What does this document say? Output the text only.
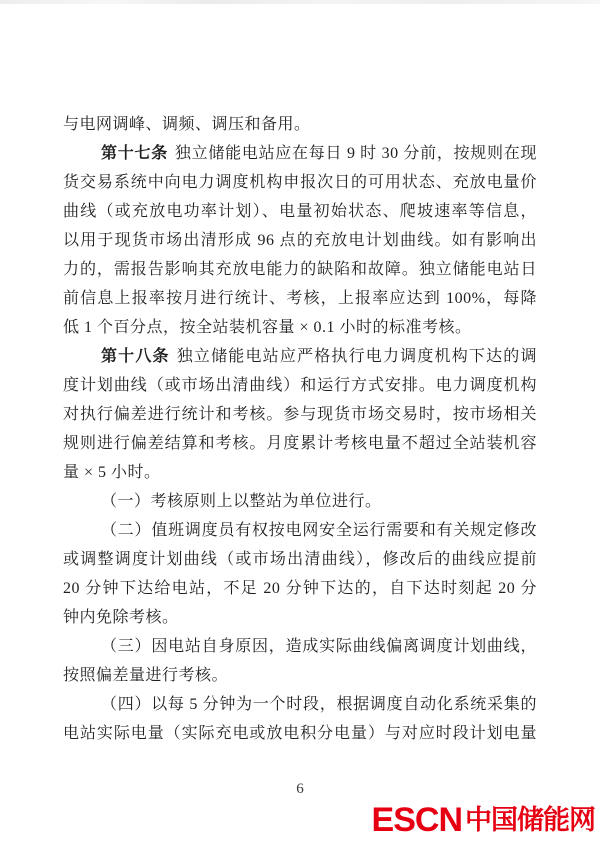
与电网调峰、调频、调压和备用。
第十七条 独立储能电站应在每日 9 时 30 分前，按规则在现
货交易系统中向电力调度机构申报次日的可用状态、充放电量价
曲线（或充放电功率计划）、电量初始状态、爬坡速率等信息，
以用于现货市场出清形成 96 点的充放电计划曲线。如有影响出
力的，需报告影响其充放电能力的缺陷和故障。独立储能电站日
前信息上报率按月进行统计、考核，上报率应达到 100%，每降
低 1 个百分点，按全站装机容量 × 0.1 小时的标准考核。
第十八条 独立储能电站应严格执行电力调度机构下达的调
度计划曲线（或市场出清曲线）和运行方式安排。电力调度机构
对执行偏差进行统计和考核。参与现货市场交易时，按市场相关
规则进行偏差结算和考核。月度累计考核电量不超过全站装机容
量 × 5 小时。
（一）考核原则上以整站为单位进行。
（二）值班调度员有权按电网安全运行需要和有关规定修改
或调整调度计划曲线（或市场出清曲线），修改后的曲线应提前
20 分钟下达给电站，不足 20 分钟下达的，自下达时刻起 20 分
钟内免除考核。
（三）因电站自身原因，造成实际曲线偏离调度计划曲线，
按照偏差量进行考核。
（四）以每 5 分钟为一个时段，根据调度自动化系统采集的
电站实际电量（实际充电或放电积分电量）与对应时段计划电量
6
ESCN 中国储能网
